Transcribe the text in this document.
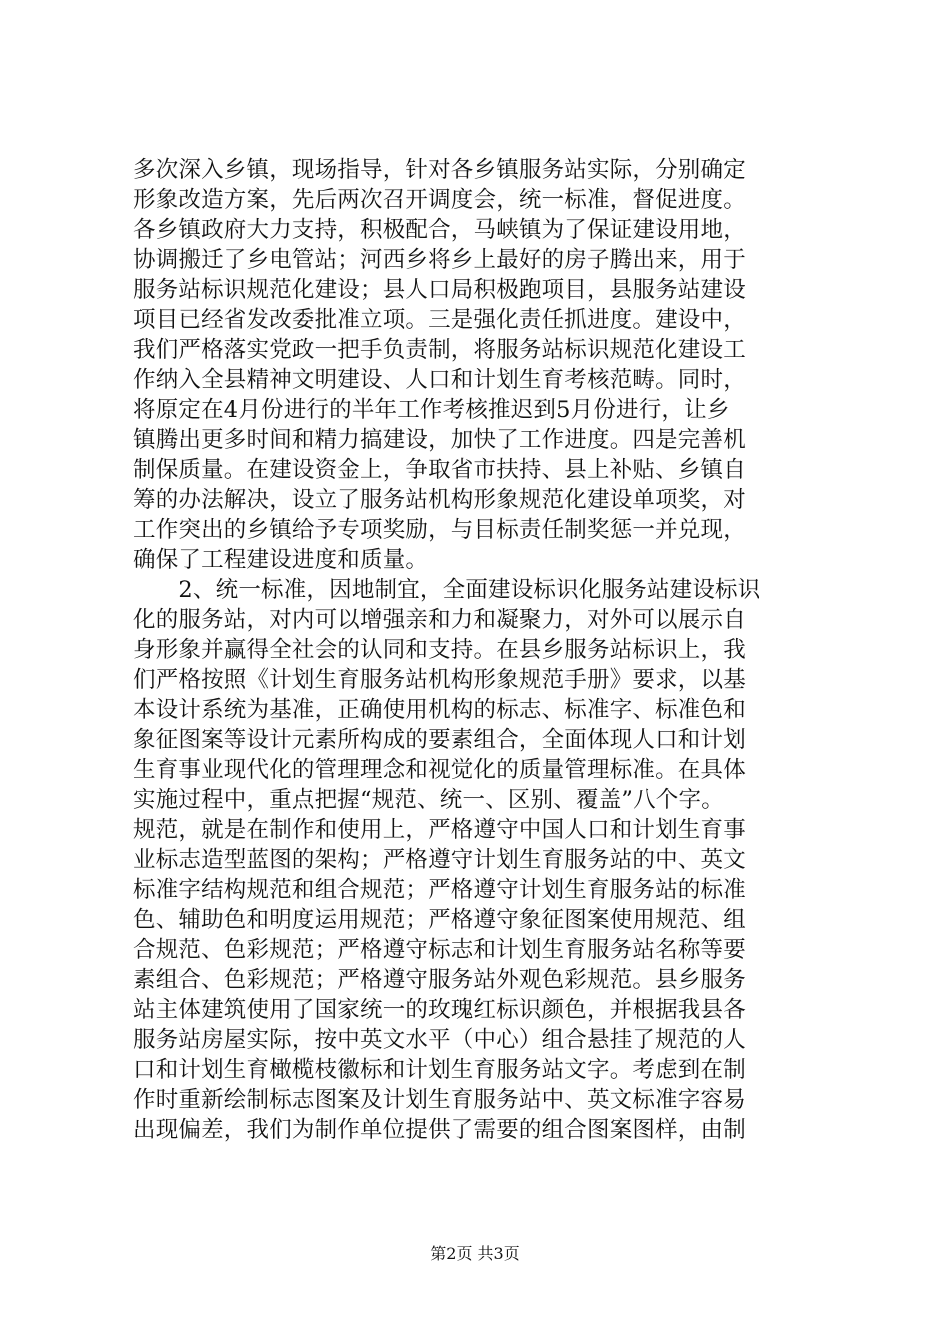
多次深入乡镇，现场指导，针对各乡镇服务站实际，分别确定
形象改造方案，先后两次召开调度会，统一标准，督促进度。
各乡镇政府大力支持，积极配合，马峡镇为了保证建设用地，
协调搬迁了乡电管站；河西乡将乡上最好的房子腾出来，用于
服务站标识规范化建设；县人口局积极跑项目，县服务站建设
项目已经省发改委批准立项。三是强化责任抓进度。建设中，
我们严格落实党政一把手负责制，将服务站标识规范化建设工
作纳入全县精神文明建设、人口和计划生育考核范畴。同时，
将原定在4月份进行的半年工作考核推迟到5月份进行，让乡
镇腾出更多时间和精力搞建设，加快了工作进度。四是完善机
制保质量。在建设资金上，争取省市扶持、县上补贴、乡镇自
筹的办法解决，设立了服务站机构形象规范化建设单项奖，对
工作突出的乡镇给予专项奖励，与目标责任制奖惩一并兑现，
确保了工程建设进度和质量。
　　2、统一标准，因地制宜，全面建设标识化服务站建设标识
化的服务站，对内可以增强亲和力和凝聚力，对外可以展示自
身形象并赢得全社会的认同和支持。在县乡服务站标识上，我
们严格按照《计划生育服务站机构形象规范手册》要求，以基
本设计系统为基准，正确使用机构的标志、标准字、标准色和
象征图案等设计元素所构成的要素组合，全面体现人口和计划
生育事业现代化的管理理念和视觉化的质量管理标准。在具体
实施过程中，重点把握“规范、统一、区别、覆盖”八个字。
规范，就是在制作和使用上，严格遵守中国人口和计划生育事
业标志造型蓝图的架构；严格遵守计划生育服务站的中、英文
标准字结构规范和组合规范；严格遵守计划生育服务站的标准
色、辅助色和明度运用规范；严格遵守象征图案使用规范、组
合规范、色彩规范；严格遵守标志和计划生育服务站名称等要
素组合、色彩规范；严格遵守服务站外观色彩规范。县乡服务
站主体建筑使用了国家统一的玫瑰红标识颜色，并根据我县各
服务站房屋实际，按中英文水平（中心）组合悬挂了规范的人
口和计划生育橄榄枝徽标和计划生育服务站文字。考虑到在制
作时重新绘制标志图案及计划生育服务站中、英文标准字容易
出现偏差，我们为制作单位提供了需要的组合图案图样，由制
第2页 共3页
